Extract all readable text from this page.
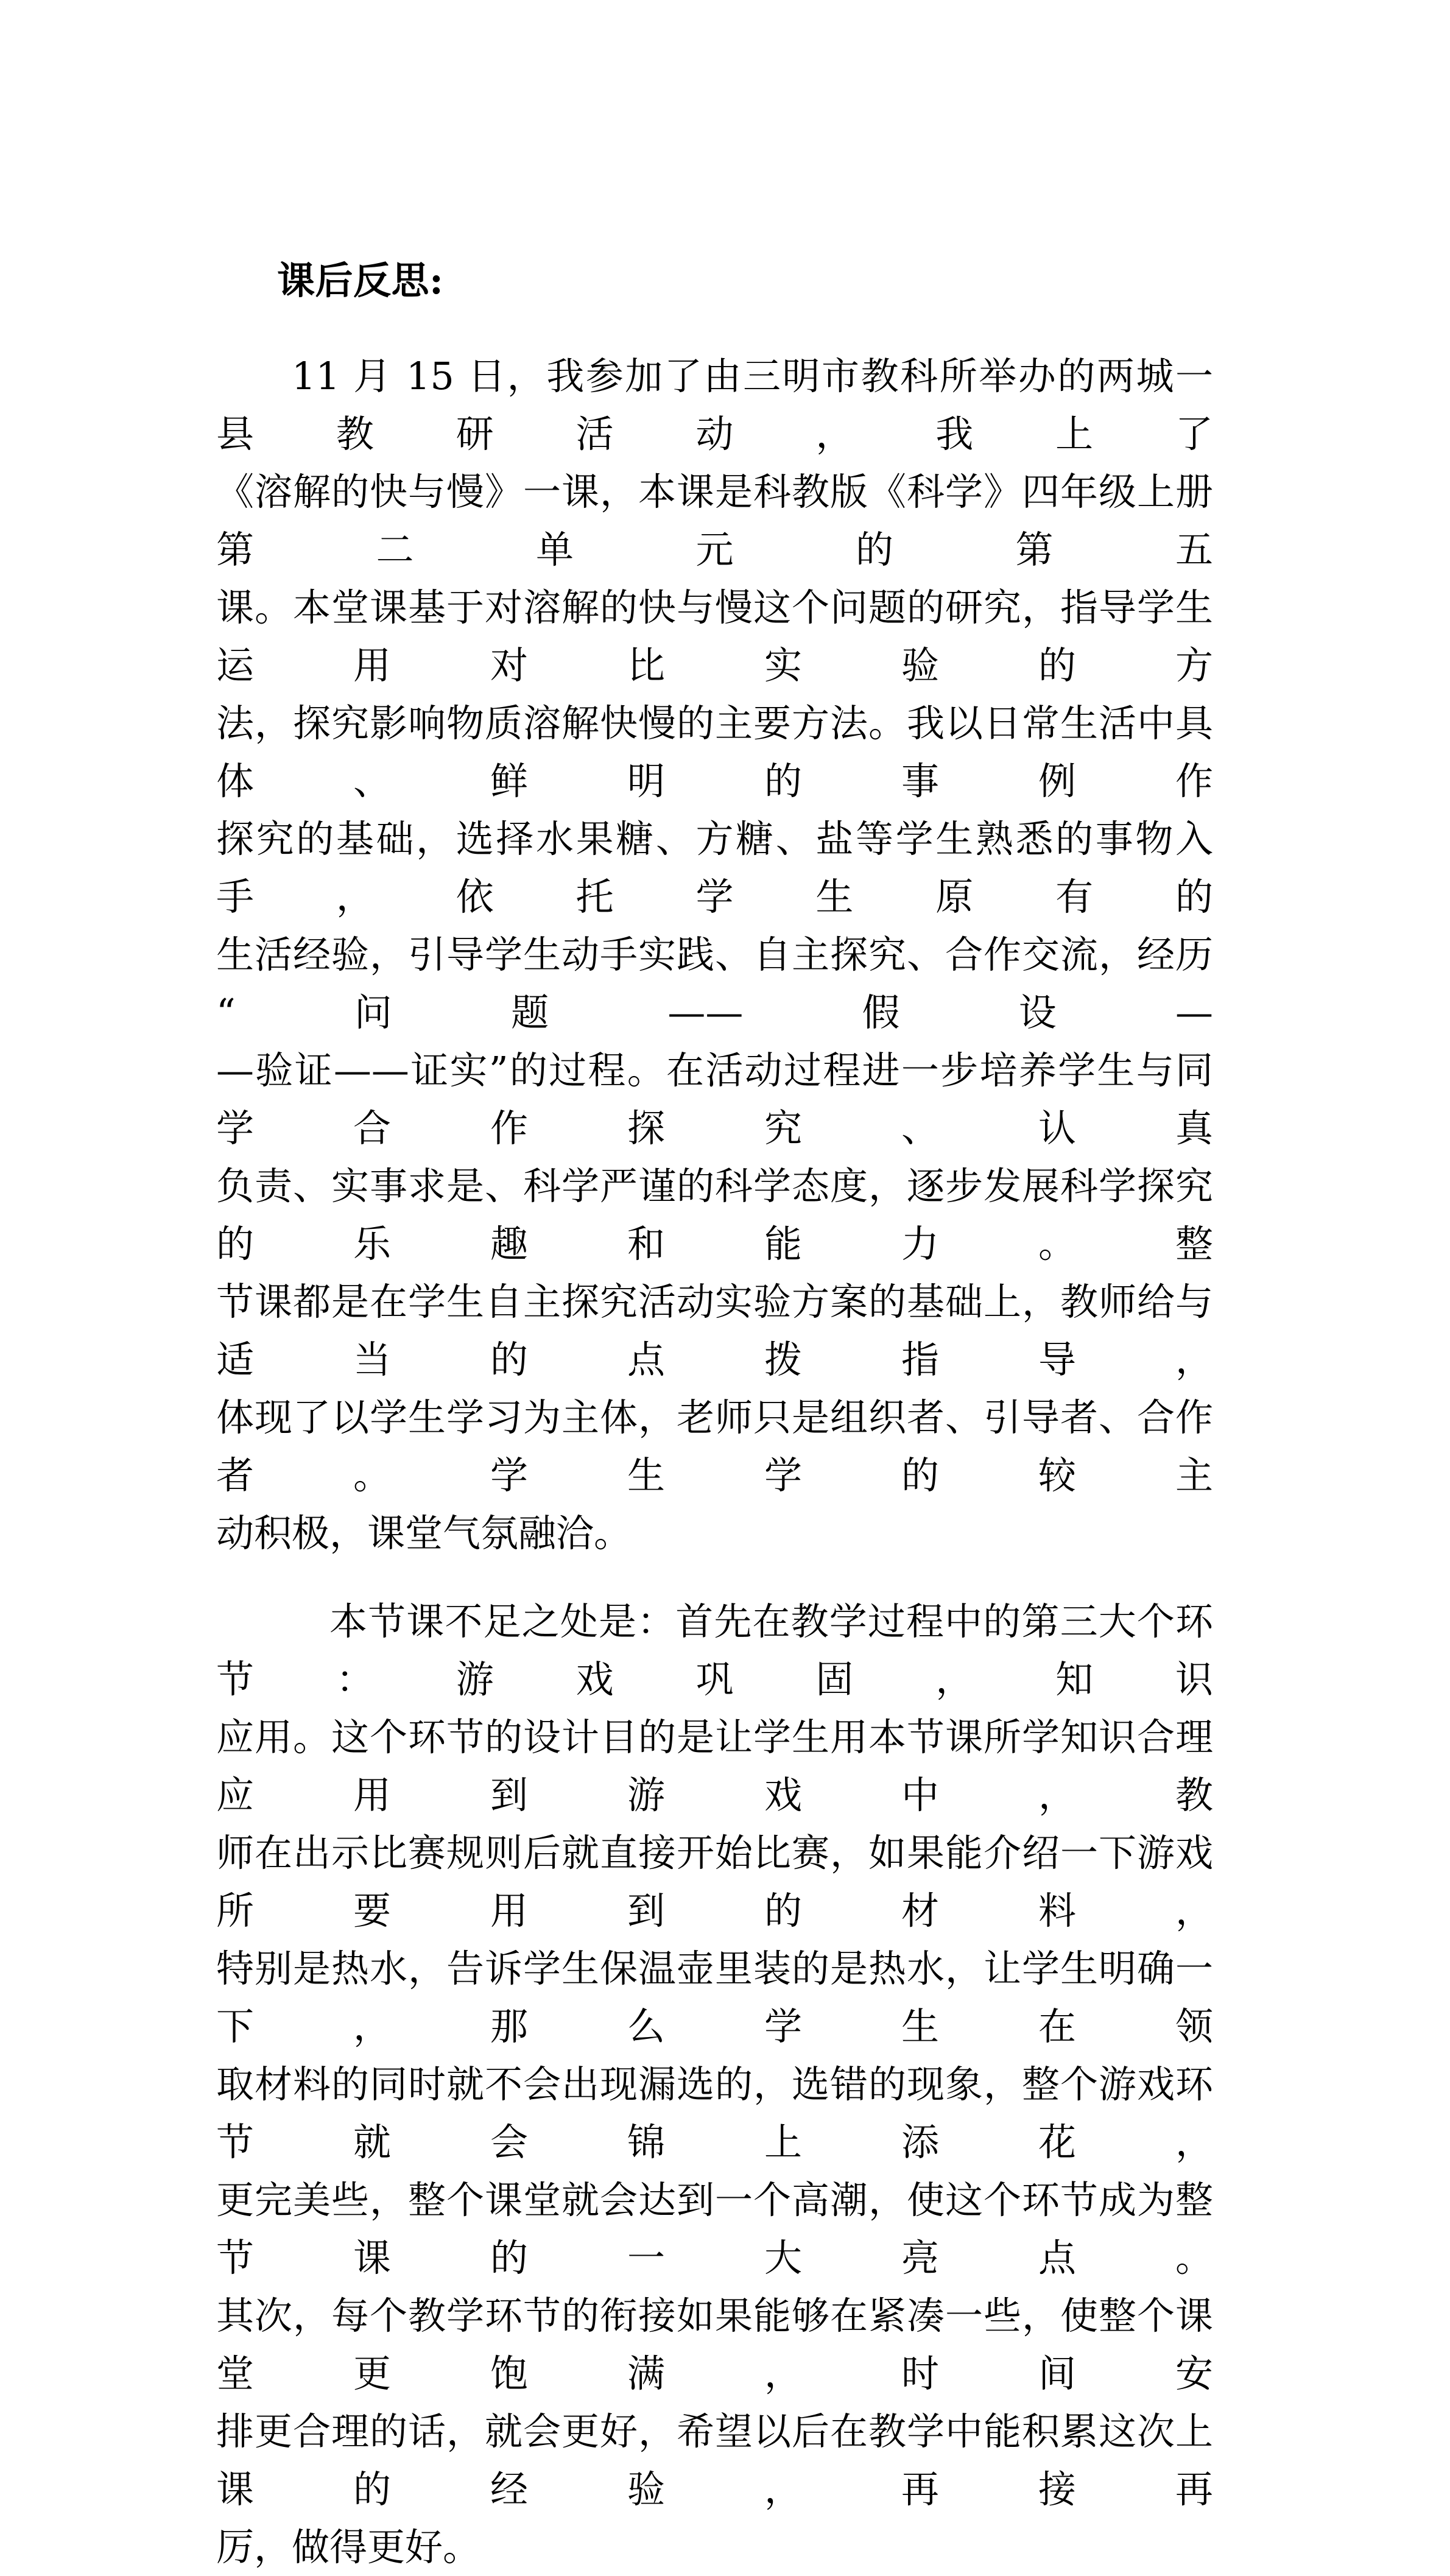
课后反思:

11 月 15 日，我参加了由三明市教科所举办的两城一县教研活动，我上了
《溶解的快与慢》一课，本课是科教版《科学》四年级上册第二单元的第五
课。本堂课基于对溶解的快与慢这个问题的研究，指导学生运用对比实验的方
法，探究影响物质溶解快慢的主要方法。我以日常生活中具体、鲜明的事例作
探究的基础，选择水果糖、方糖、盐等学生熟悉的事物入手，依托学生原有的
生活经验，引导学生动手实践、自主探究、合作交流，经历“问题——假设—
—验证——证实”的过程。在活动过程进一步培养学生与同学合作探究、认真
负责、实事求是、科学严谨的科学态度，逐步发展科学探究的乐趣和能力。整
节课都是在学生自主探究活动实验方案的基础上，教师给与适当的点拨指导，
体现了以学生学习为主体，老师只是组织者、引导者、合作者。学生学的较主
动积极，课堂气氛融洽。

本节课不足之处是：首先在教学过程中的第三大个环节：游戏巩固，知识
应用。这个环节的设计目的是让学生用本节课所学知识合理应用到游戏中，教
师在出示比赛规则后就直接开始比赛，如果能介绍一下游戏所要用到的材料，
特别是热水，告诉学生保温壶里装的是热水，让学生明确一下，那么学生在领
取材料的同时就不会出现漏选的，选错的现象，整个游戏环节就会锦上添花，
更完美些，整个课堂就会达到一个高潮，使这个环节成为整节课的一大亮点。
其次，每个教学环节的衔接如果能够在紧凑一些，使整个课堂更饱满，时间安
排更合理的话，就会更好，希望以后在教学中能积累这次上课的经验，再接再
厉，做得更好。
